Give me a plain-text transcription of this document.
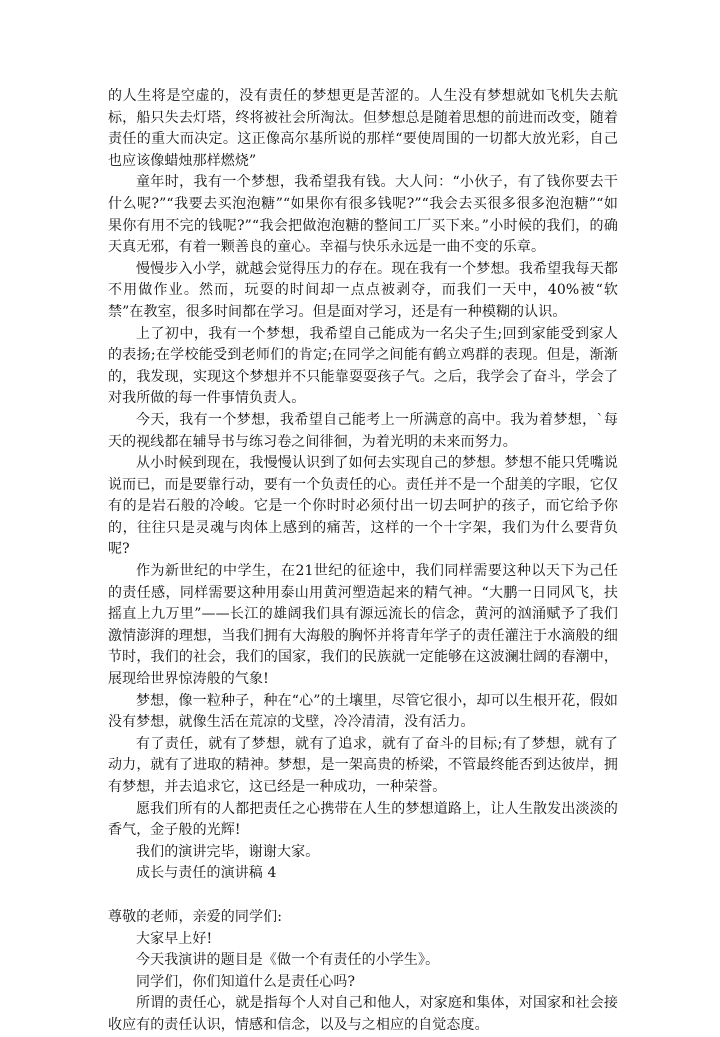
的人生将是空虚的，没有责任的梦想更是苦涩的。人生没有梦想就如飞机失去航标，船只失去灯塔，终将被社会所淘汰。但梦想总是随着思想的前进而改变，随着责任的重大而决定。这正像高尔基所说的那样“要使周围的一切都大放光彩，自己也应该像蜡烛那样燃烧”

童年时，我有一个梦想，我希望我有钱。大人问：“小伙子，有了钱你要去干什么呢?”“我要去买泡泡糖”“如果你有很多钱呢?”“我会去买很多很多泡泡糖”“如果你有用不完的钱呢?”“我会把做泡泡糖的整间工厂买下来。”小时候的我们，的确天真无邪，有着一颗善良的童心。幸福与快乐永远是一曲不变的乐章。

慢慢步入小学，就越会觉得压力的存在。现在我有一个梦想。我希望我每天都不用做作业。然而，玩耍的时间却一点点被剥夺，而我们一天中，40%被“软禁”在教室，很多时间都在学习。但是面对学习，还是有一种模糊的认识。

上了初中，我有一个梦想，我希望自己能成为一名尖子生;回到家能受到家人的表扬;在学校能受到老师们的肯定;在同学之间能有鹤立鸡群的表现。但是，渐渐的，我发现，实现这个梦想并不只能靠耍耍孩子气。之后，我学会了奋斗，学会了对我所做的每一件事情负责人。

今天，我有一个梦想，我希望自己能考上一所满意的高中。我为着梦想，`每天的视线都在辅导书与练习卷之间徘徊，为着光明的未来而努力。

从小时候到现在，我慢慢认识到了如何去实现自己的梦想。梦想不能只凭嘴说说而已，而是要靠行动，要有一个负责任的心。责任并不是一个甜美的字眼，它仅有的是岩石般的冷峻。它是一个你时时必须付出一切去呵护的孩子，而它给予你的，往往只是灵魂与肉体上感到的痛苦，这样的一个十字架，我们为什么要背负呢?

作为新世纪的中学生，在21世纪的征途中，我们同样需要这种以天下为己任的责任感，同样需要这种用泰山用黄河塑造起来的精气神。“大鹏一日同风飞，扶摇直上九万里”——长江的雄阔我们具有源远流长的信念，黄河的汹涌赋予了我们激情澎湃的理想，当我们拥有大海般的胸怀并将青年学子的责任灌注于水滴般的细节时，我们的社会，我们的国家，我们的民族就一定能够在这波澜壮阔的春潮中，展现给世界惊涛般的气象!

梦想，像一粒种子，种在“心”的土壤里，尽管它很小，却可以生根开花，假如没有梦想，就像生活在荒凉的戈壁，冷冷清清，没有活力。

有了责任，就有了梦想，就有了追求，就有了奋斗的目标;有了梦想，就有了动力，就有了进取的精神。梦想，是一架高贵的桥梁，不管最终能否到达彼岸，拥有梦想，并去追求它，这已经是一种成功，一种荣誉。

愿我们所有的人都把责任之心携带在人生的梦想道路上，让人生散发出淡淡的香气，金子般的光辉!

我们的演讲完毕，谢谢大家。

成长与责任的演讲稿 4

尊敬的老师，亲爱的同学们:

大家早上好!

今天我演讲的题目是《做一个有责任的小学生》。

同学们，你们知道什么是责任心吗?

所谓的责任心，就是指每个人对自己和他人，对家庭和集体，对国家和社会接收应有的责任认识，情感和信念，以及与之相应的自觉态度。
